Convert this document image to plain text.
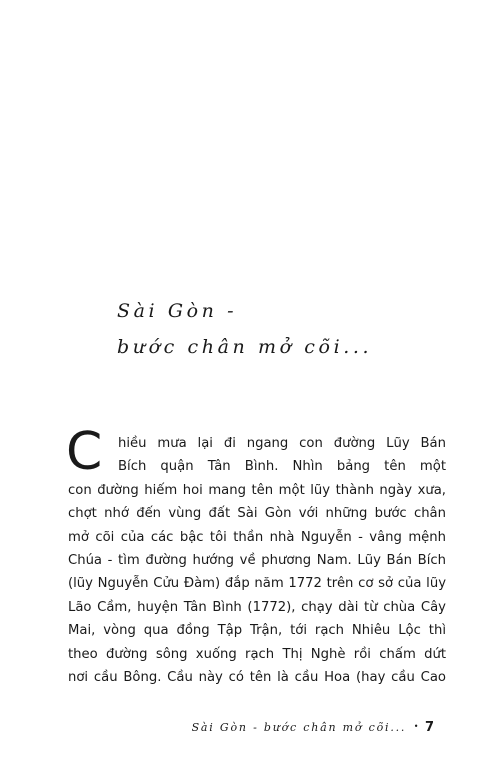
Sài Gòn -
bước chân mở cõi...
C	hiều mưa lại đi ngang con đường Lũy Bán
Bích quận Tân Bình. Nhìn bảng tên một
con đường hiếm hoi mang tên một lũy thành ngày xưa,
chợt nhớ đến vùng đất Sài Gòn với những bước chân
mở cõi của các bậc tôi thần nhà Nguyễn - vâng mệnh
Chúa - tìm đường hướng về phương Nam. Lũy Bán Bích
(lũy Nguyễn Cửu Đàm) đắp năm 1772 trên cơ sở của lũy
Lão Cầm, huyện Tân Bình (1772), chạy dài từ chùa Cây
Mai, vòng qua đồng Tập Trận, tới rạch Nhiêu Lộc thì
theo đường sông xuống rạch Thị Nghè rồi chấm dứt
nơi cầu Bông. Cầu này có tên là cầu Hoa (hay cầu Cao
Sài Gòn - bước chân mở cõi... • 7
